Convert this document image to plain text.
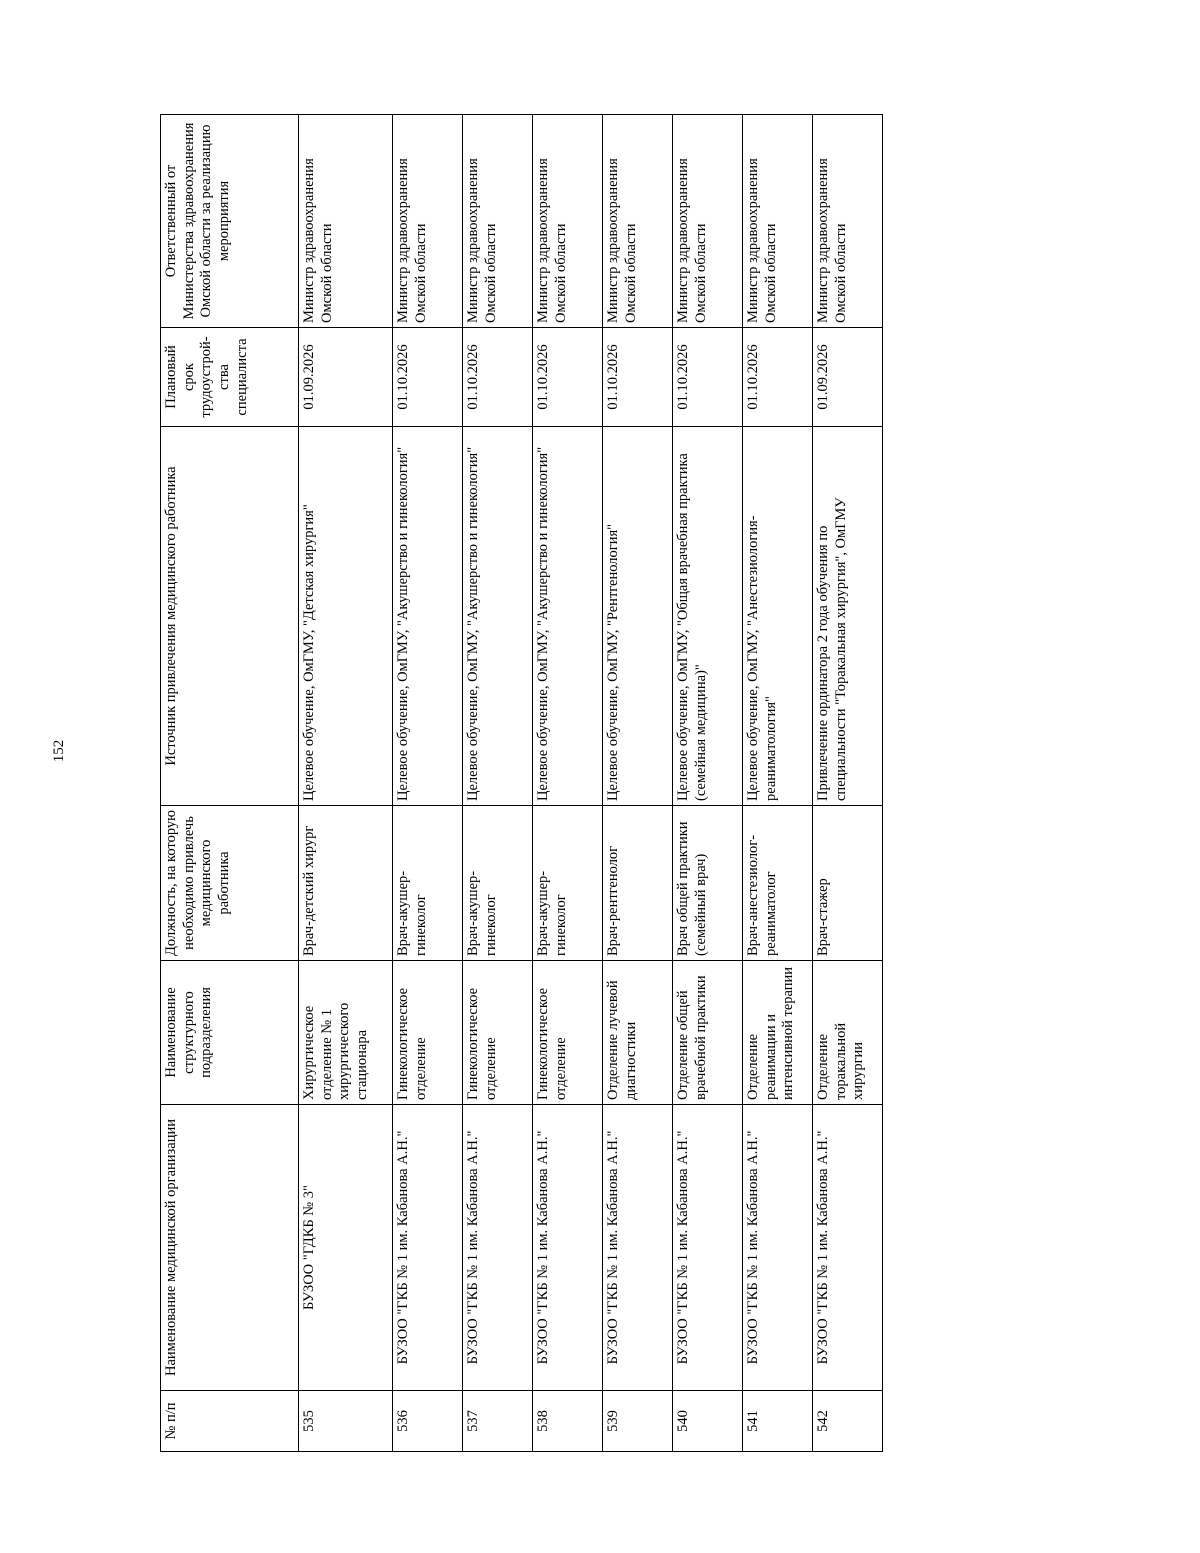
152
№ п/п	Наименование медицинской организации	Наименование структурного подразделения	Должность, на которую необходимо привлечь медицинского работника	Источник привлечения медицинского работника	Плановый срок трудоустрой-ства специалиста	Ответственный от Министерства здравоохранения Омской области за реализацию мероприятия
535	БУЗОО "ГДКБ № 3"	Хирургическое отделение № 1 хирургического стационара	Врач-детский хирург	Целевое обучение, ОмГМУ, "Детская хирургия"	01.09.2026	Министр здравоохранения Омской области
536	БУЗОО "ГКБ № 1 им. Кабанова А.Н."	Гинекологическое отделение	Врач-акушер-гинеколог	Целевое обучение, ОмГМУ, "Акушерство и гинекология"	01.10.2026	Министр здравоохранения Омской области
537	БУЗОО "ГКБ № 1 им. Кабанова А.Н."	Гинекологическое отделение	Врач-акушер-гинеколог	Целевое обучение, ОмГМУ, "Акушерство и гинекология"	01.10.2026	Министр здравоохранения Омской области
538	БУЗОО "ГКБ № 1 им. Кабанова А.Н."	Гинекологическое отделение	Врач-акушер-гинеколог	Целевое обучение, ОмГМУ, "Акушерство и гинекология"	01.10.2026	Министр здравоохранения Омской области
539	БУЗОО "ГКБ № 1 им. Кабанова А.Н."	Отделение лучевой диагностики	Врач-рентгенолог	Целевое обучение, ОмГМУ, "Рентгенология"	01.10.2026	Министр здравоохранения Омской области
540	БУЗОО "ГКБ № 1 им. Кабанова А.Н."	Отделение общей врачебной практики	Врач общей практики (семейный врач)	Целевое обучение, ОмГМУ, "Общая врачебная практика (семейная медицина)"	01.10.2026	Министр здравоохранения Омской области
541	БУЗОО "ГКБ № 1 им. Кабанова А.Н."	Отделение реанимации и интенсивной терапии	Врач-анестезиолог-реаниматолог	Целевое обучение, ОмГМУ, "Анестезиология-реаниматология"	01.10.2026	Министр здравоохранения Омской области
542	БУЗОО "ГКБ № 1 им. Кабанова А.Н."	Отделение торакальной хирургии	Врач-стажер	Привлечение ординатора 2 года обучения по специальности "Торакальная хирургия", ОмГМУ	01.09.2026	Министр здравоохранения Омской области
